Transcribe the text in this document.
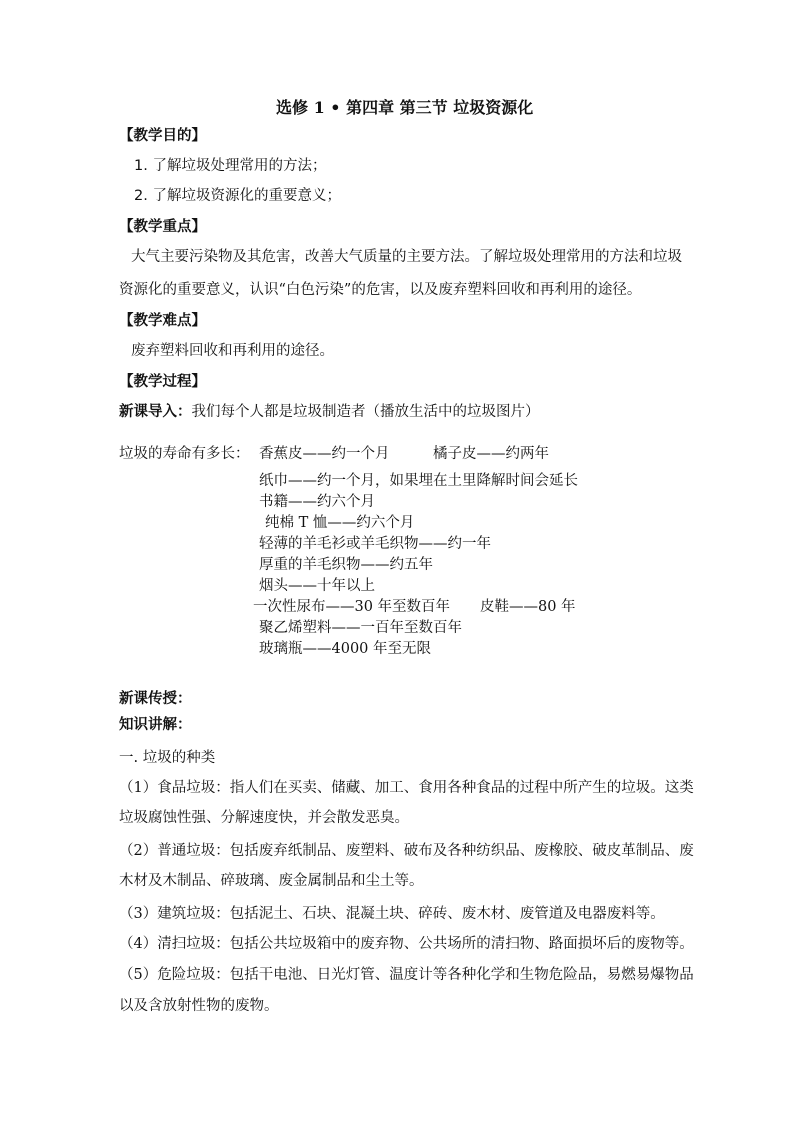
选修 1 • 第四章 第三节 垃圾资源化
【教学目的】
1. 了解垃圾处理常用的方法；
2. 了解垃圾资源化的重要意义；
【教学重点】
大气主要污染物及其危害，改善大气质量的主要方法。了解垃圾处理常用的方法和垃圾
资源化的重要意义，认识“白色污染”的危害，以及废弃塑料回收和再利用的途径。
【教学难点】
废弃塑料回收和再利用的途径。
【教学过程】
新课导入：我们每个人都是垃圾制造者（播放生活中的垃圾图片）
垃圾的寿命有多长： 香蕉皮——约一个月	橘子皮——约两年
纸巾——约一个月，如果埋在土里降解时间会延长
书籍——约六个月
纯棉 T 恤——约六个月
轻薄的羊毛衫或羊毛织物——约一年
厚重的羊毛织物——约五年
烟头——十年以上
一次性尿布——30 年至数百年 皮鞋——80 年
聚乙烯塑料——一百年至数百年
玻璃瓶——4000 年至无限
新课传授：
知识讲解：
一. 垃圾的种类
（1）食品垃圾：指人们在买卖、储藏、加工、食用各种食品的过程中所产生的垃圾。这类
垃圾腐蚀性强、分解速度快，并会散发恶臭。
（2）普通垃圾：包括废弃纸制品、废塑料、破布及各种纺织品、废橡胶、破皮革制品、废
木材及木制品、碎玻璃、废金属制品和尘土等。
（3）建筑垃圾：包括泥土、石块、混凝土块、碎砖、废木材、废管道及电器废料等。
（4）清扫垃圾：包括公共垃圾箱中的废弃物、公共场所的清扫物、路面损坏后的废物等。
（5）危险垃圾：包括干电池、日光灯管、温度计等各种化学和生物危险品，易燃易爆物品
以及含放射性物的废物。
